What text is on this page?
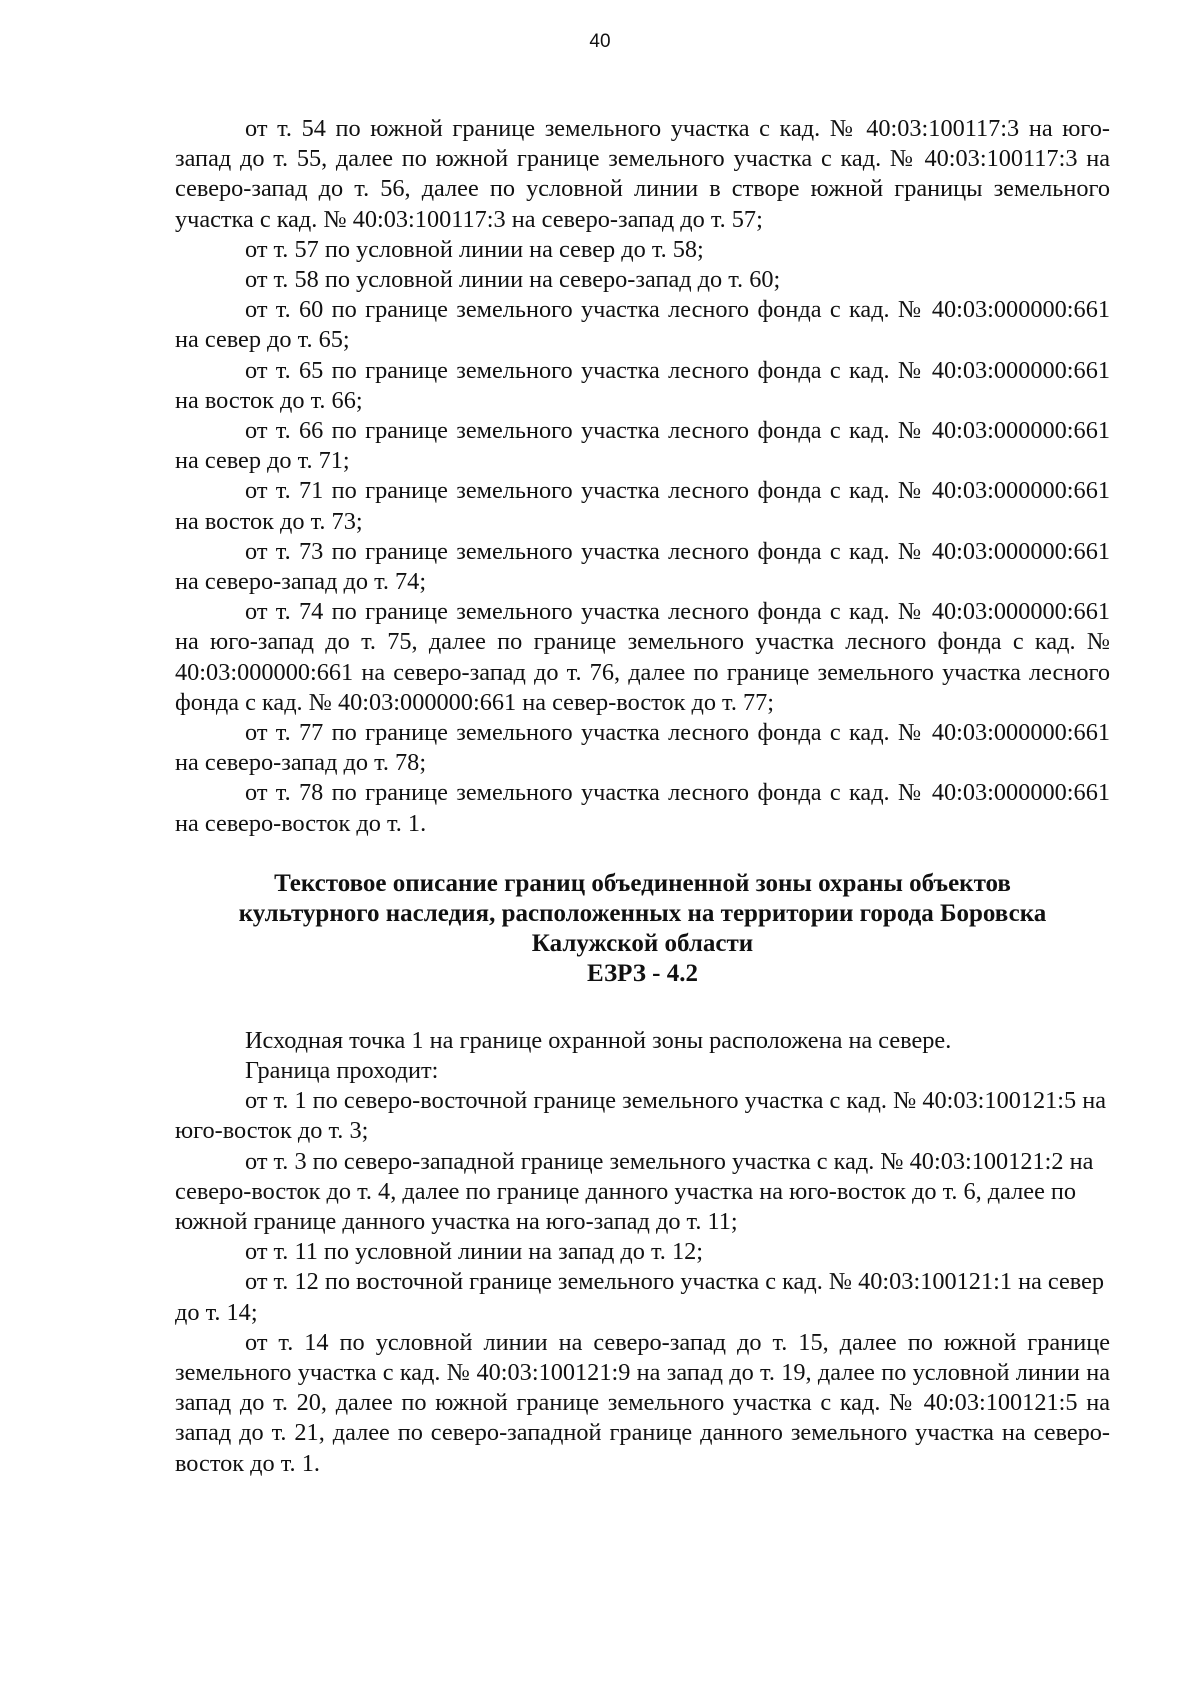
40

от т. 54 по южной границе земельного участка с кад. № 40:03:100117:3 на юго-запад до т. 55, далее по южной границе земельного участка с кад. № 40:03:100117:3 на северо-запад до т. 56, далее по условной линии в створе южной границы земельного участка с кад. № 40:03:100117:3 на северо-запад до т. 57;

от т. 57 по условной линии на север до т. 58;

от т. 58 по условной линии на северо-запад до т. 60;

от т. 60 по границе земельного участка лесного фонда с кад. № 40:03:000000:661 на север до т. 65;

от т. 65 по границе земельного участка лесного фонда с кад. № 40:03:000000:661 на восток до т. 66;

от т. 66 по границе земельного участка лесного фонда с кад. № 40:03:000000:661 на север до т. 71;

от т. 71 по границе земельного участка лесного фонда с кад. № 40:03:000000:661 на восток до т. 73;

от т. 73 по границе земельного участка лесного фонда с кад. № 40:03:000000:661 на северо-запад до т. 74;

от т. 74 по границе земельного участка лесного фонда с кад. № 40:03:000000:661 на юго-запад до т. 75, далее по границе земельного участка лесного фонда с кад. № 40:03:000000:661 на северо-запад до т. 76, далее по границе земельного участка лесного фонда с кад. № 40:03:000000:661 на север-восток до т. 77;

от т. 77 по границе земельного участка лесного фонда с кад. № 40:03:000000:661 на северо-запад до т. 78;

от т. 78 по границе земельного участка лесного фонда с кад. № 40:03:000000:661 на северо-восток до т. 1.

Текстовое описание границ объединенной зоны охраны объектов
культурного наследия, расположенных на территории города Боровска
Калужской области
ЕЗРЗ - 4.2

Исходная точка 1 на границе охранной зоны расположена на севере.

Граница проходит:

от т. 1 по северо-восточной границе земельного участка с кад. № 40:03:100121:5 на юго-восток до т. 3;

от т. 3 по северо-западной границе земельного участка с кад. № 40:03:100121:2 на северо-восток до т. 4, далее по границе данного участка на юго-восток до т. 6, далее по южной границе данного участка на юго-запад до т. 11;

от т. 11 по условной линии на запад до т. 12;

от т. 12 по восточной границе земельного участка с кад. № 40:03:100121:1 на север до т. 14;

от т. 14 по условной линии на северо-запад до т. 15, далее по южной границе земельного участка с кад. № 40:03:100121:9 на запад до т. 19, далее по условной линии на запад до т. 20, далее по южной границе земельного участка с кад. № 40:03:100121:5 на запад до т. 21, далее по северо-западной границе данного земельного участка на северо-восток до т. 1.
